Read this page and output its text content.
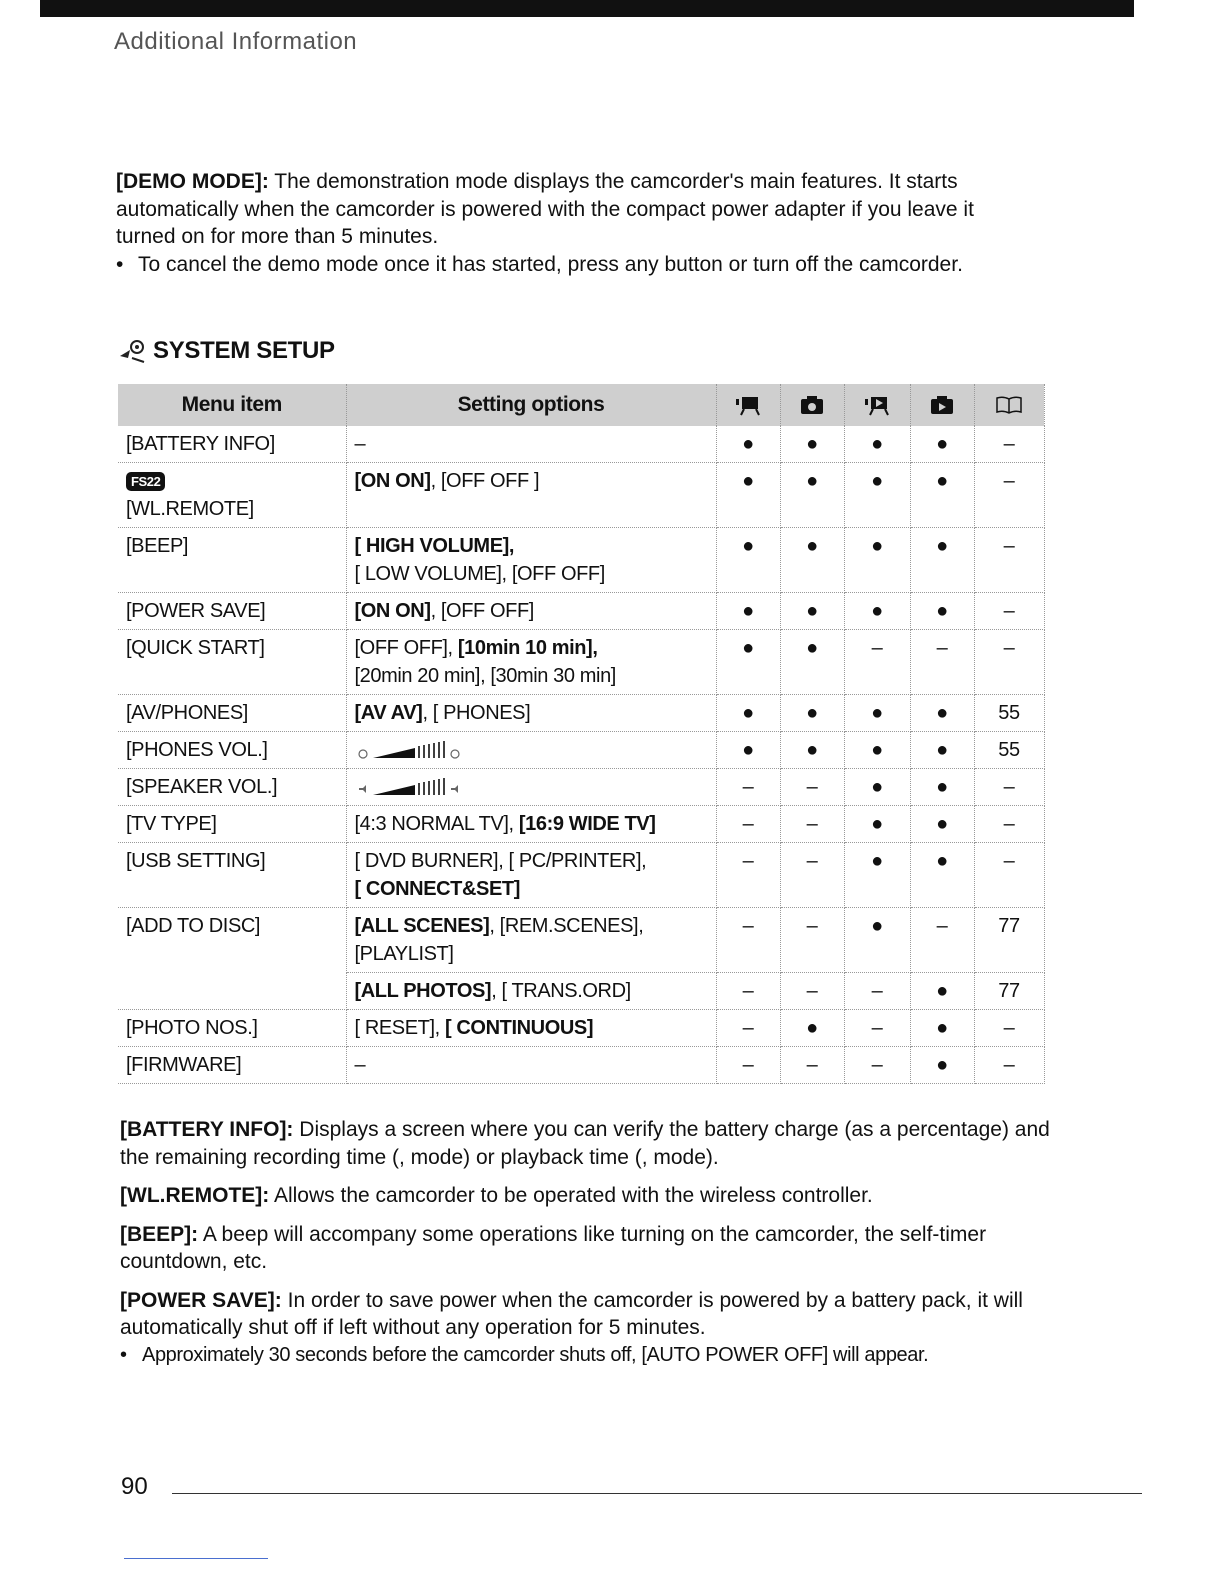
Additional Information

[DEMO MODE]: The demonstration mode displays the camcorder's main features. It starts automatically when the camcorder is powered with the compact power adapter if you leave it turned on for more than 5 minutes.

• To cancel the demo mode once it has started, press any button or turn off the camcorder.
SYSTEM SETUP
Menu item	Setting options					
[BATTERY INFO]	–	●	●	●	●	–
FS22
[WL.REMOTE]	[ON ON], [OFF OFF ]	●	●	●	●	–
[BEEP]	[ HIGH VOLUME],
[ LOW VOLUME], [OFF OFF]	●	●	●	●	–
[POWER SAVE]	[ON ON], [OFF OFF]	●	●	●	●	–
[QUICK START]	[OFF OFF], [10min 10 min],
[20min 20 min], [30min 30 min]	●	●	–	–	–
[AV/PHONES]	[AV AV], [ PHONES]	●	●	●	●	55
[PHONES VOL.]		●	●	●	●	55
[SPEAKER VOL.]		–	–	●	●	–
[TV TYPE]	[4:3 NORMAL TV], [16:9 WIDE TV]	–	–	●	●	–
[USB SETTING]	[ DVD BURNER], [ PC/PRINTER],
[ CONNECT&SET]	–	–	●	●	–
[ADD TO DISC]	[ALL SCENES], [REM.SCENES],
[PLAYLIST]	–	–	●	–	77
	[ALL PHOTOS], [ TRANS.ORD]	–	–	–	●	77
[PHOTO NOS.]	[ RESET], [ CONTINUOUS]	–	●	–	●	–
[FIRMWARE]	–	–	–	–	●	–

[BATTERY INFO]: Displays a screen where you can verify the battery charge (as a percentage) and the remaining recording time (, mode) or playback time (, mode).

[WL.REMOTE]: Allows the camcorder to be operated with the wireless controller.

[BEEP]: A beep will accompany some operations like turning on the camcorder, the self-timer countdown, etc.

[POWER SAVE]: In order to save power when the camcorder is powered by a battery pack, it will automatically shut off if left without any operation for 5 minutes.

• Approximately 30 seconds before the camcorder shuts off, [AUTO POWER OFF] will appear.
90
